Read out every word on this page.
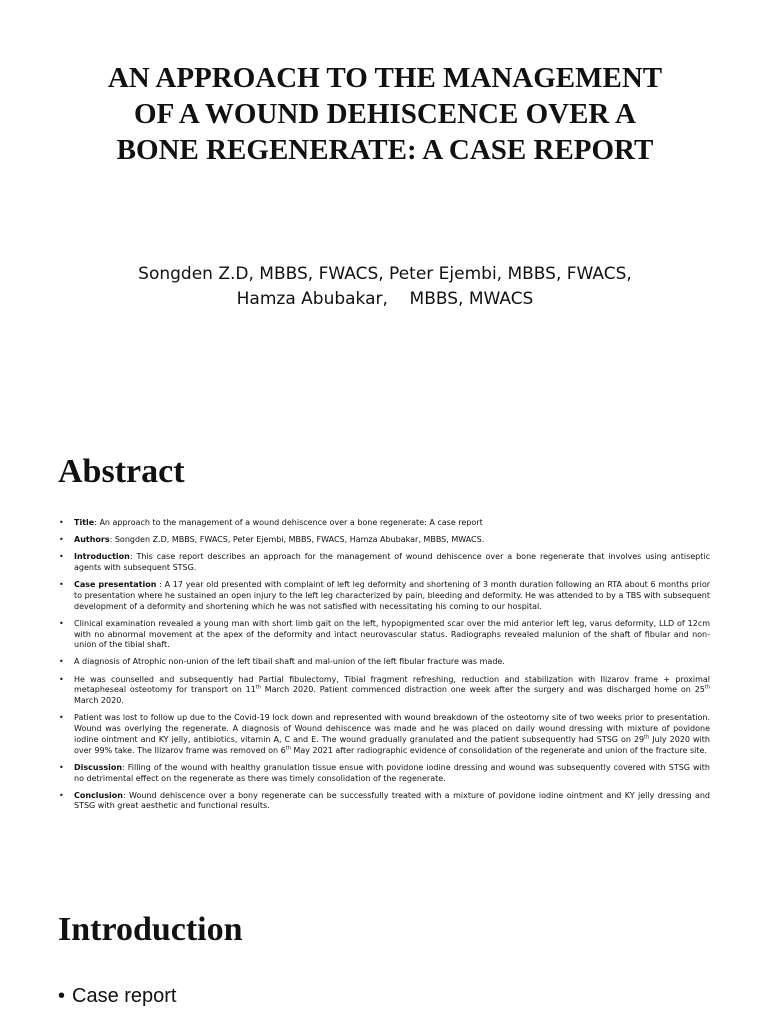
AN APPROACH TO THE MANAGEMENT OF A WOUND DEHISCENCE OVER A BONE REGENERATE: A CASE REPORT
Songden Z.D, MBBS, FWACS, Peter Ejembi, MBBS, FWACS,
Hamza Abubakar,    MBBS, MWACS
Abstract
• Title: An approach to the management of a wound dehiscence over a bone regenerate: A case report
• Authors: Songden Z.D, MBBS, FWACS, Peter Ejembi, MBBS, FWACS, Hamza Abubakar, MBBS, MWACS.
• Introduction: This case report describes an approach for the management of wound dehiscence over a bone regenerate that involves using antiseptic agents with subsequent STSG.
• Case presentation : A 17 year old presented with complaint of left leg deformity and shortening of 3 month duration following an RTA about 6 months prior to presentation where he sustained an open injury to the left leg characterized by pain, bleeding and deformity. He was attended to by a TBS with subsequent development of a deformity and shortening which he was not satisfied with necessitating his coming to our hospital.
• Clinical examination revealed a young man with short limb gait on the left, hypopigmented scar over the mid anterior left leg, varus deformity, LLD of 12cm with no abnormal movement at the apex of the deformity and intact neurovascular status. Radiographs revealed malunion of the shaft of fibular and non-union of the tibial shaft.
• A diagnosis of Atrophic non-union of the left tibail shaft and mal-union of the left fibular fracture was made.
• He was counselled and subsequently had Partial fibulectomy, Tibial fragment refreshing, reduction and stabilization with Ilizarov frame + proximal metapheseal osteotomy for transport on 11th March 2020. Patient commenced distraction one week after the surgery and was discharged home on 25th March 2020.
• Patient was lost to follow up due to the Covid-19 lock down and represented with wound breakdown of the osteotomy site of two weeks prior to presentation. Wound was overlying the regenerate. A diagnosis of Wound dehiscence was made and he was placed on daily wound dressing with mixture of povidone iodine ointment and KY jelly, antibiotics, vitamin A, C and E. The wound gradually granulated and the patient subsequently had STSG on 29th July 2020 with over 99% take. The Ilizarov frame was removed on 6th May 2021 after radiographic evidence of consolidation of the regenerate and union of the fracture site.
• Discussion: Filling of the wound with healthy granulation tissue ensue with povidone iodine dressing and wound was subsequently covered with STSG with no detrimental effect on the regenerate as there was timely consolidation of the regenerate.
• Conclusion: Wound dehiscence over a bony regenerate can be successfully treated with a mixture of povidone iodine ointment and KY jelly dressing and STSG with great aesthetic and functional results.
Introduction
• Case report
